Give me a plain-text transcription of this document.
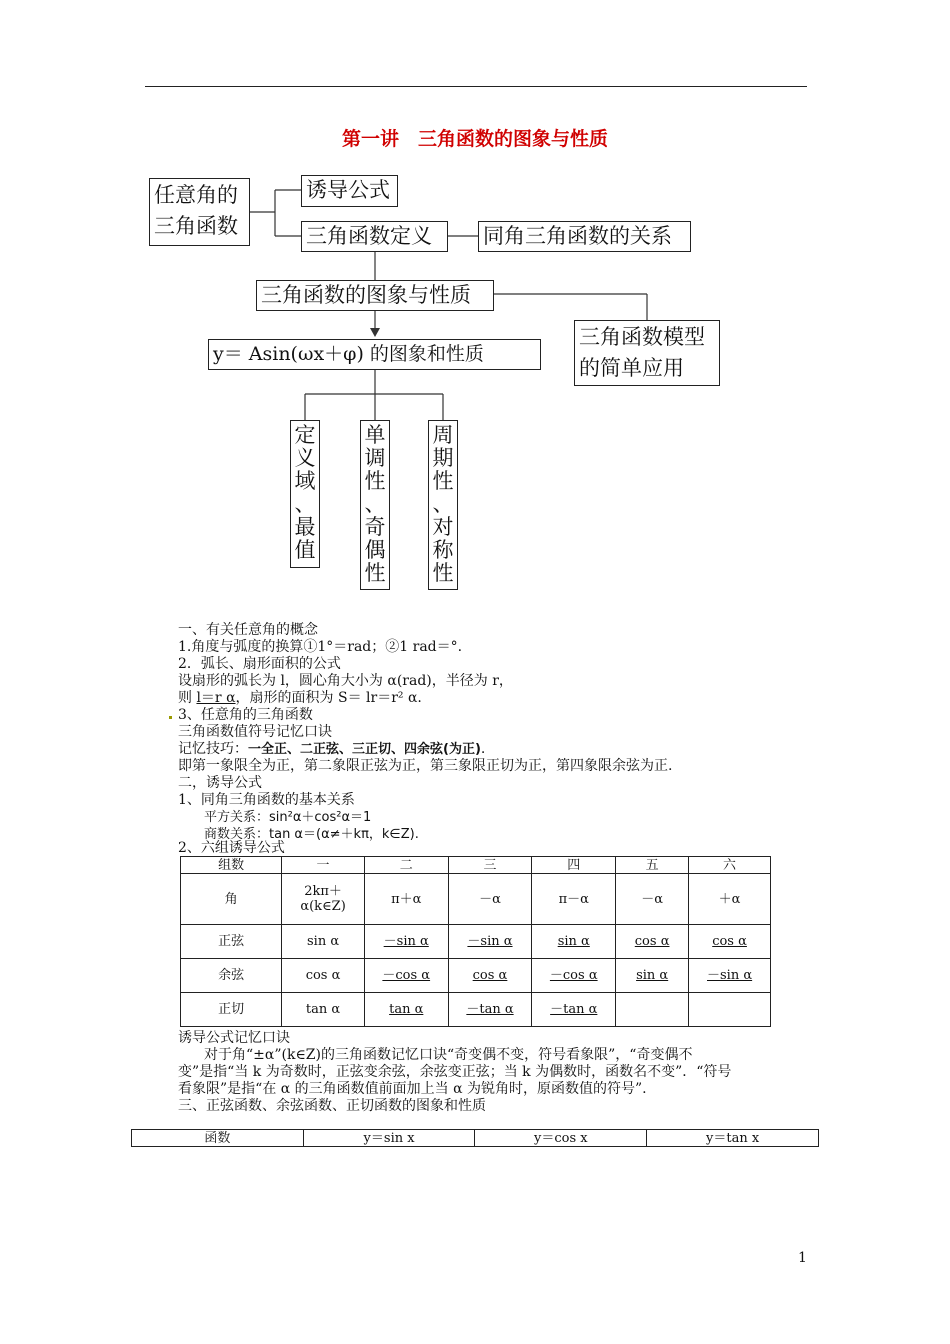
第一讲　三角函数的图象与性质
任意角的
三角函数
诱导公式
三角函数定义	同角三角函数的关系
三角函数的图象与性质
y＝ Asin(ωx＋φ) 的图象和性质
三角函数模型
的简单应用
定
义
域
、
最
值
单
调
性
、
奇
偶
性
周
期
性
、
对
称
性
一、有关任意角的概念
1.角度与弧度的换算①1°＝rad；②1 rad＝°.
2．弧长、扇形面积的公式
设扇形的弧长为 l，圆心角大小为 α(rad)，半径为 r，
则 l＝r α，扇形的面积为 S＝ lr＝r² α.
3、任意角的三角函数
三角函数值符号记忆口诀
记忆技巧：一全正、二正弦、三正切、四余弦(为正).
即第一象限全为正，第二象限正弦为正，第三象限正切为正，第四象限余弦为正.
二，诱导公式
1、同角三角函数的基本关系
平方关系：sin²α＋cos²α＝1
商数关系：tan α＝(α≠＋kπ，k∈Z).
2、六组诱导公式
组数	一	二	三	四	五	六
角	2kπ＋α(k∈Z)	π＋α	－α	π－α	－α	＋α
正弦	sin α	－sin α	－sin α	sin α	cos α	cos α
余弦	cos α	－cos α	cos α	－cos α	sin α	－sin α
正切	tan α	tan α	－tan α	－tan α		
诱导公式记忆口诀
对于角“±α”(k∈Z)的三角函数记忆口诀“奇变偶不变，符号看象限”，“奇变偶不
变”是指“当 k 为奇数时，正弦变余弦，余弦变正弦；当 k 为偶数时，函数名不变”．“符号
看象限”是指“在 α 的三角函数值前面加上当 α 为锐角时，原函数值的符号”.
三、正弦函数、余弦函数、正切函数的图象和性质
函数	y＝sin x	y＝cos x	y＝tan x
1
